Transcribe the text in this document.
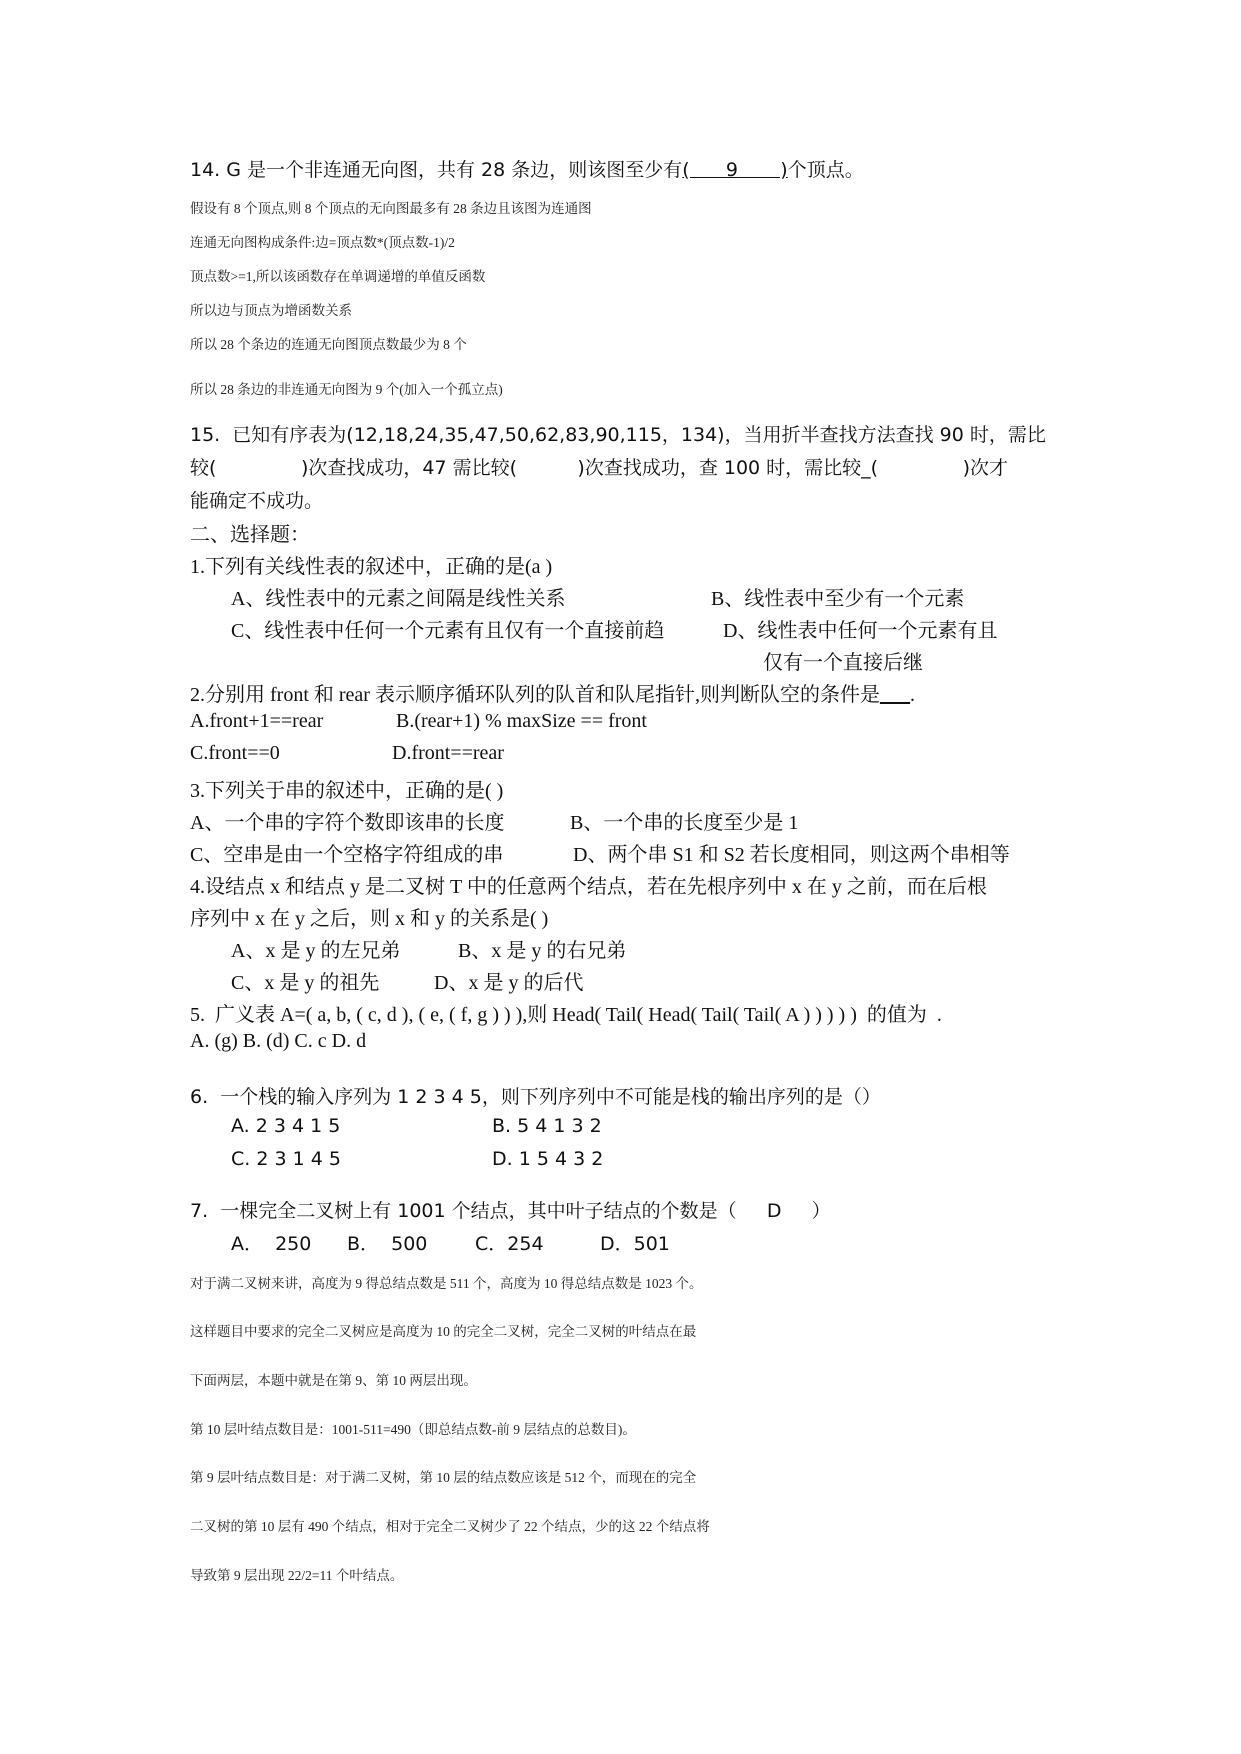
14. G 是一个非连通无向图，共有 28 条边，则该图至少有(      9       )个顶点。
假设有 8 个顶点,则 8 个顶点的无向图最多有 28 条边且该图为连通图
连通无向图构成条件:边=顶点数*(顶点数-1)/2
顶点数>=1,所以该函数存在单调递增的单值反函数
所以边与顶点为增函数关系
所以 28 个条边的连通无向图顶点数最少为 8 个
所以 28 条边的非连通无向图为 9 个(加入一个孤立点)
15.  已知有序表为(12,18,24,35,47,50,62,83,90,115，134)，当用折半查找方法查找 90 时，需比
较(              )次查找成功，47 需比较(          )次查找成功，查 100 时，需比较_(              )次才
能确定不成功。
二、选择题：
1.下列有关线性表的叙述中，正确的是(a )
A、线性表中的元素之间隔是线性关系	B、线性表中至少有一个元素
C、线性表中任何一个元素有且仅有一个直接前趋	D、线性表中任何一个元素有且
仅有一个直接后继
2.分别用 front 和 rear 表示顺序循环队列的队首和队尾指针,则判断队空的条件是___.
A.front+1==rear	B.(rear+1) % maxSize == front
C.front==0	D.front==rear
3.下列关于串的叙述中，正确的是( )
A、一个串的字符个数即该串的长度	B、一个串的长度至少是 1
C、空串是由一个空格字符组成的串	D、两个串 S1 和 S2 若长度相同，则这两个串相等
4.设结点 x 和结点 y 是二叉树 T 中的任意两个结点，若在先根序列中 x 在 y 之前，而在后根
序列中 x 在 y 之后，则 x 和 y 的关系是( )
A、x 是 y 的左兄弟	B、x 是 y 的右兄弟
C、x 是 y 的祖先	D、x 是 y 的后代
5.  广义表 A=( a, b, ( c, d ), ( e, ( f, g ) ) ),则 Head( Tail( Head( Tail( Tail( A ) ) ) ) )  的值为  .
A. (g) B. (d) C. c D. d
6.  一个栈的输入序列为 1 2 3 4 5，则下列序列中不可能是栈的输出序列的是（）
A. 2 3 4 1 5	B. 5 4 1 3 2
C. 2 3 1 4 5	D. 1 5 4 3 2
7.  一棵完全二叉树上有 1001 个结点，其中叶子结点的个数是（     D     ）
A．  250 B．  500	C．254	D．501
对于满二叉树来讲，高度为 9 得总结点数是 511 个，高度为 10 得总结点数是 1023 个。
这样题目中要求的完全二叉树应是高度为 10 的完全二叉树，完全二叉树的叶结点在最
下面两层，本题中就是在第 9、第 10 两层出现。
第 10 层叶结点数目是：1001-511=490（即总结点数-前 9 层结点的总数目)。
第 9 层叶结点数目是：对于满二叉树，第 10 层的结点数应该是 512 个，而现在的完全
二叉树的第 10 层有 490 个结点，相对于完全二叉树少了 22 个结点，少的这 22 个结点将
导致第 9 层出现 22/2=11 个叶结点。
